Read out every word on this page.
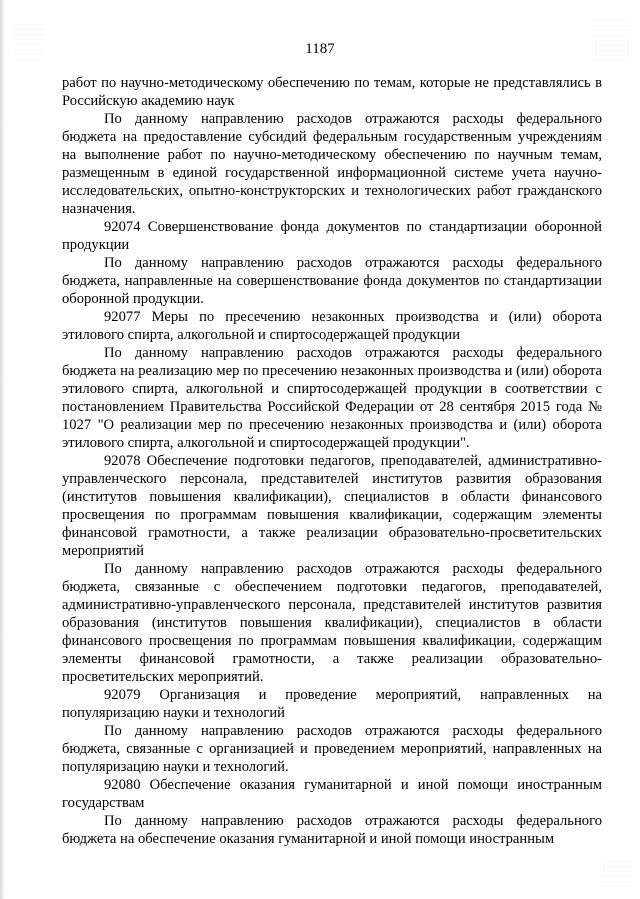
1187

работ по научно-методическому обеспечению по темам, которые не представлялись в Российскую академию наук

По данному направлению расходов отражаются расходы федерального бюджета на предоставление субсидий федеральным государственным учреждениям на выполнение работ по научно-методическому обеспечению по научным темам, размещенным в единой государственной информационной системе учета научно-исследовательских, опытно-конструкторских и технологических работ гражданского назначения.

92074 Совершенствование фонда документов по стандартизации оборонной продукции

По данному направлению расходов отражаются расходы федерального бюджета, направленные на совершенствование фонда документов по стандартизации оборонной продукции.

92077 Меры по пресечению незаконных производства и (или) оборота этилового спирта, алкогольной и спиртосодержащей продукции

По данному направлению расходов отражаются расходы федерального бюджета на реализацию мер по пресечению незаконных производства и (или) оборота этилового спирта, алкогольной и спиртосодержащей продукции в соответствии с постановлением Правительства Российской Федерации от 28 сентября 2015 года № 1027 "О реализации мер по пресечению незаконных производства и (или) оборота этилового спирта, алкогольной и спиртосодержащей продукции".

92078 Обеспечение подготовки педагогов, преподавателей, административно-управленческого персонала, представителей институтов развития образования (институтов повышения квалификации), специалистов в области финансового просвещения по программам повышения квалификации, содержащим элементы финансовой грамотности, а также реализации образовательно-просветительских мероприятий

По данному направлению расходов отражаются расходы федерального бюджета, связанные с обеспечением подготовки педагогов, преподавателей, административно-управленческого персонала, представителей институтов развития образования (институтов повышения квалификации), специалистов в области финансового просвещения по программам повышения квалификации, содержащим элементы финансовой грамотности, а также реализации образовательно-просветительских мероприятий.

92079 Организация и проведение мероприятий, направленных на популяризацию науки и технологий

По данному направлению расходов отражаются расходы федерального бюджета, связанные с организацией и проведением мероприятий, направленных на популяризацию науки и технологий.

92080 Обеспечение оказания гуманитарной и иной помощи иностранным государствам

По данному направлению расходов отражаются расходы федерального бюджета на обеспечение оказания гуманитарной и иной помощи иностранным
